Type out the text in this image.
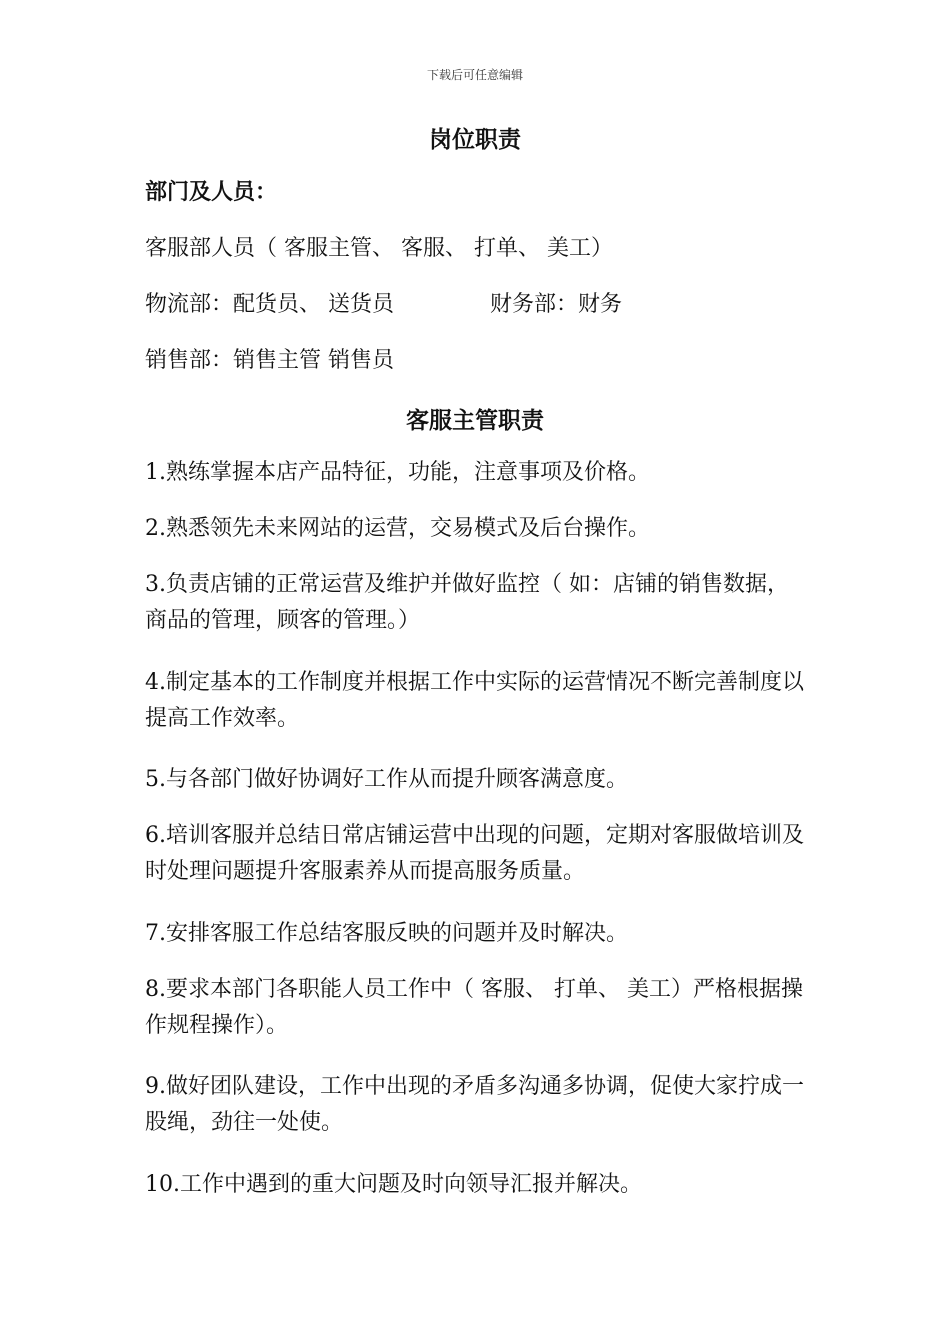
下载后可任意编辑
岗位职责
部门及人员：
客服部人员（ 客服主管、 客服、 打单、 美工）
物流部：配货员、 送货员	财务部：财务
销售部：销售主管 销售员
客服主管职责
1.熟练掌握本店产品特征，功能，注意事项及价格。
2.熟悉领先未来网站的运营，交易模式及后台操作。
3.负责店铺的正常运营及维护并做好监控（ 如：店铺的销售数据，商品的管理，顾客的管理。）
4.制定基本的工作制度并根据工作中实际的运营情况不断完善制度以提高工作效率。
5.与各部门做好协调好工作从而提升顾客满意度。
6.培训客服并总结日常店铺运营中出现的问题，定期对客服做培训及时处理问题提升客服素养从而提高服务质量。
7.安排客服工作总结客服反映的问题并及时解决。
8.要求本部门各职能人员工作中（ 客服、 打单、 美工）严格根据操作规程操作）。
9.做好团队建设，工作中出现的矛盾多沟通多协调，促使大家拧成一股绳，劲往一处使。
10.工作中遇到的重大问题及时向领导汇报并解决。
